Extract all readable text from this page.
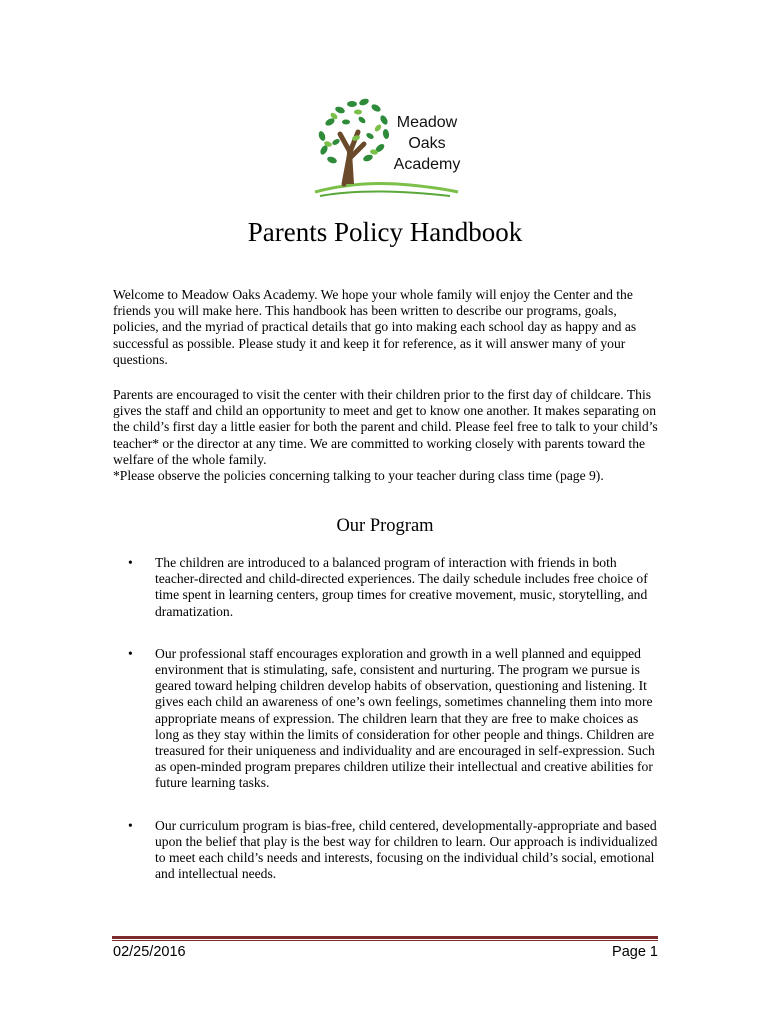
Meadow
Oaks
Academy
Parents Policy Handbook

Welcome to Meadow Oaks Academy. We hope your whole family will enjoy the Center and the friends you will make here. This handbook has been written to describe our programs, goals, policies, and the myriad of practical details that go into making each school day as happy and as successful as possible. Please study it and keep it for reference, as it will answer many of your questions.

Parents are encouraged to visit the center with their children prior to the first day of childcare. This gives the staff and child an opportunity to meet and get to know one another. It makes separating on the child’s first day a little easier for both the parent and child. Please feel free to talk to your child’s teacher* or the director at any time. We are committed to working closely with parents toward the welfare of the whole family.
*Please observe the policies concerning talking to your teacher during class time (page 9).
Our Program
• The children are introduced to a balanced program of interaction with friends in both teacher-directed and child-directed experiences. The daily schedule includes free choice of time spent in learning centers, group times for creative movement, music, storytelling, and dramatization.
• Our professional staff encourages exploration and growth in a well planned and equipped environment that is stimulating, safe, consistent and nurturing. The program we pursue is geared toward helping children develop habits of observation, questioning and listening. It gives each child an awareness of one’s own feelings, sometimes channeling them into more appropriate means of expression. The children learn that they are free to make choices as long as they stay within the limits of consideration for other people and things. Children are treasured for their uniqueness and individuality and are encouraged in self-expression. Such as open-minded program prepares children utilize their intellectual and creative abilities for future learning tasks.
• Our curriculum program is bias-free, child centered, developmentally-appropriate and based upon the belief that play is the best way for children to learn. Our approach is individualized to meet each child’s needs and interests, focusing on the individual child’s social, emotional and intellectual needs.
02/25/2016	Page 1
